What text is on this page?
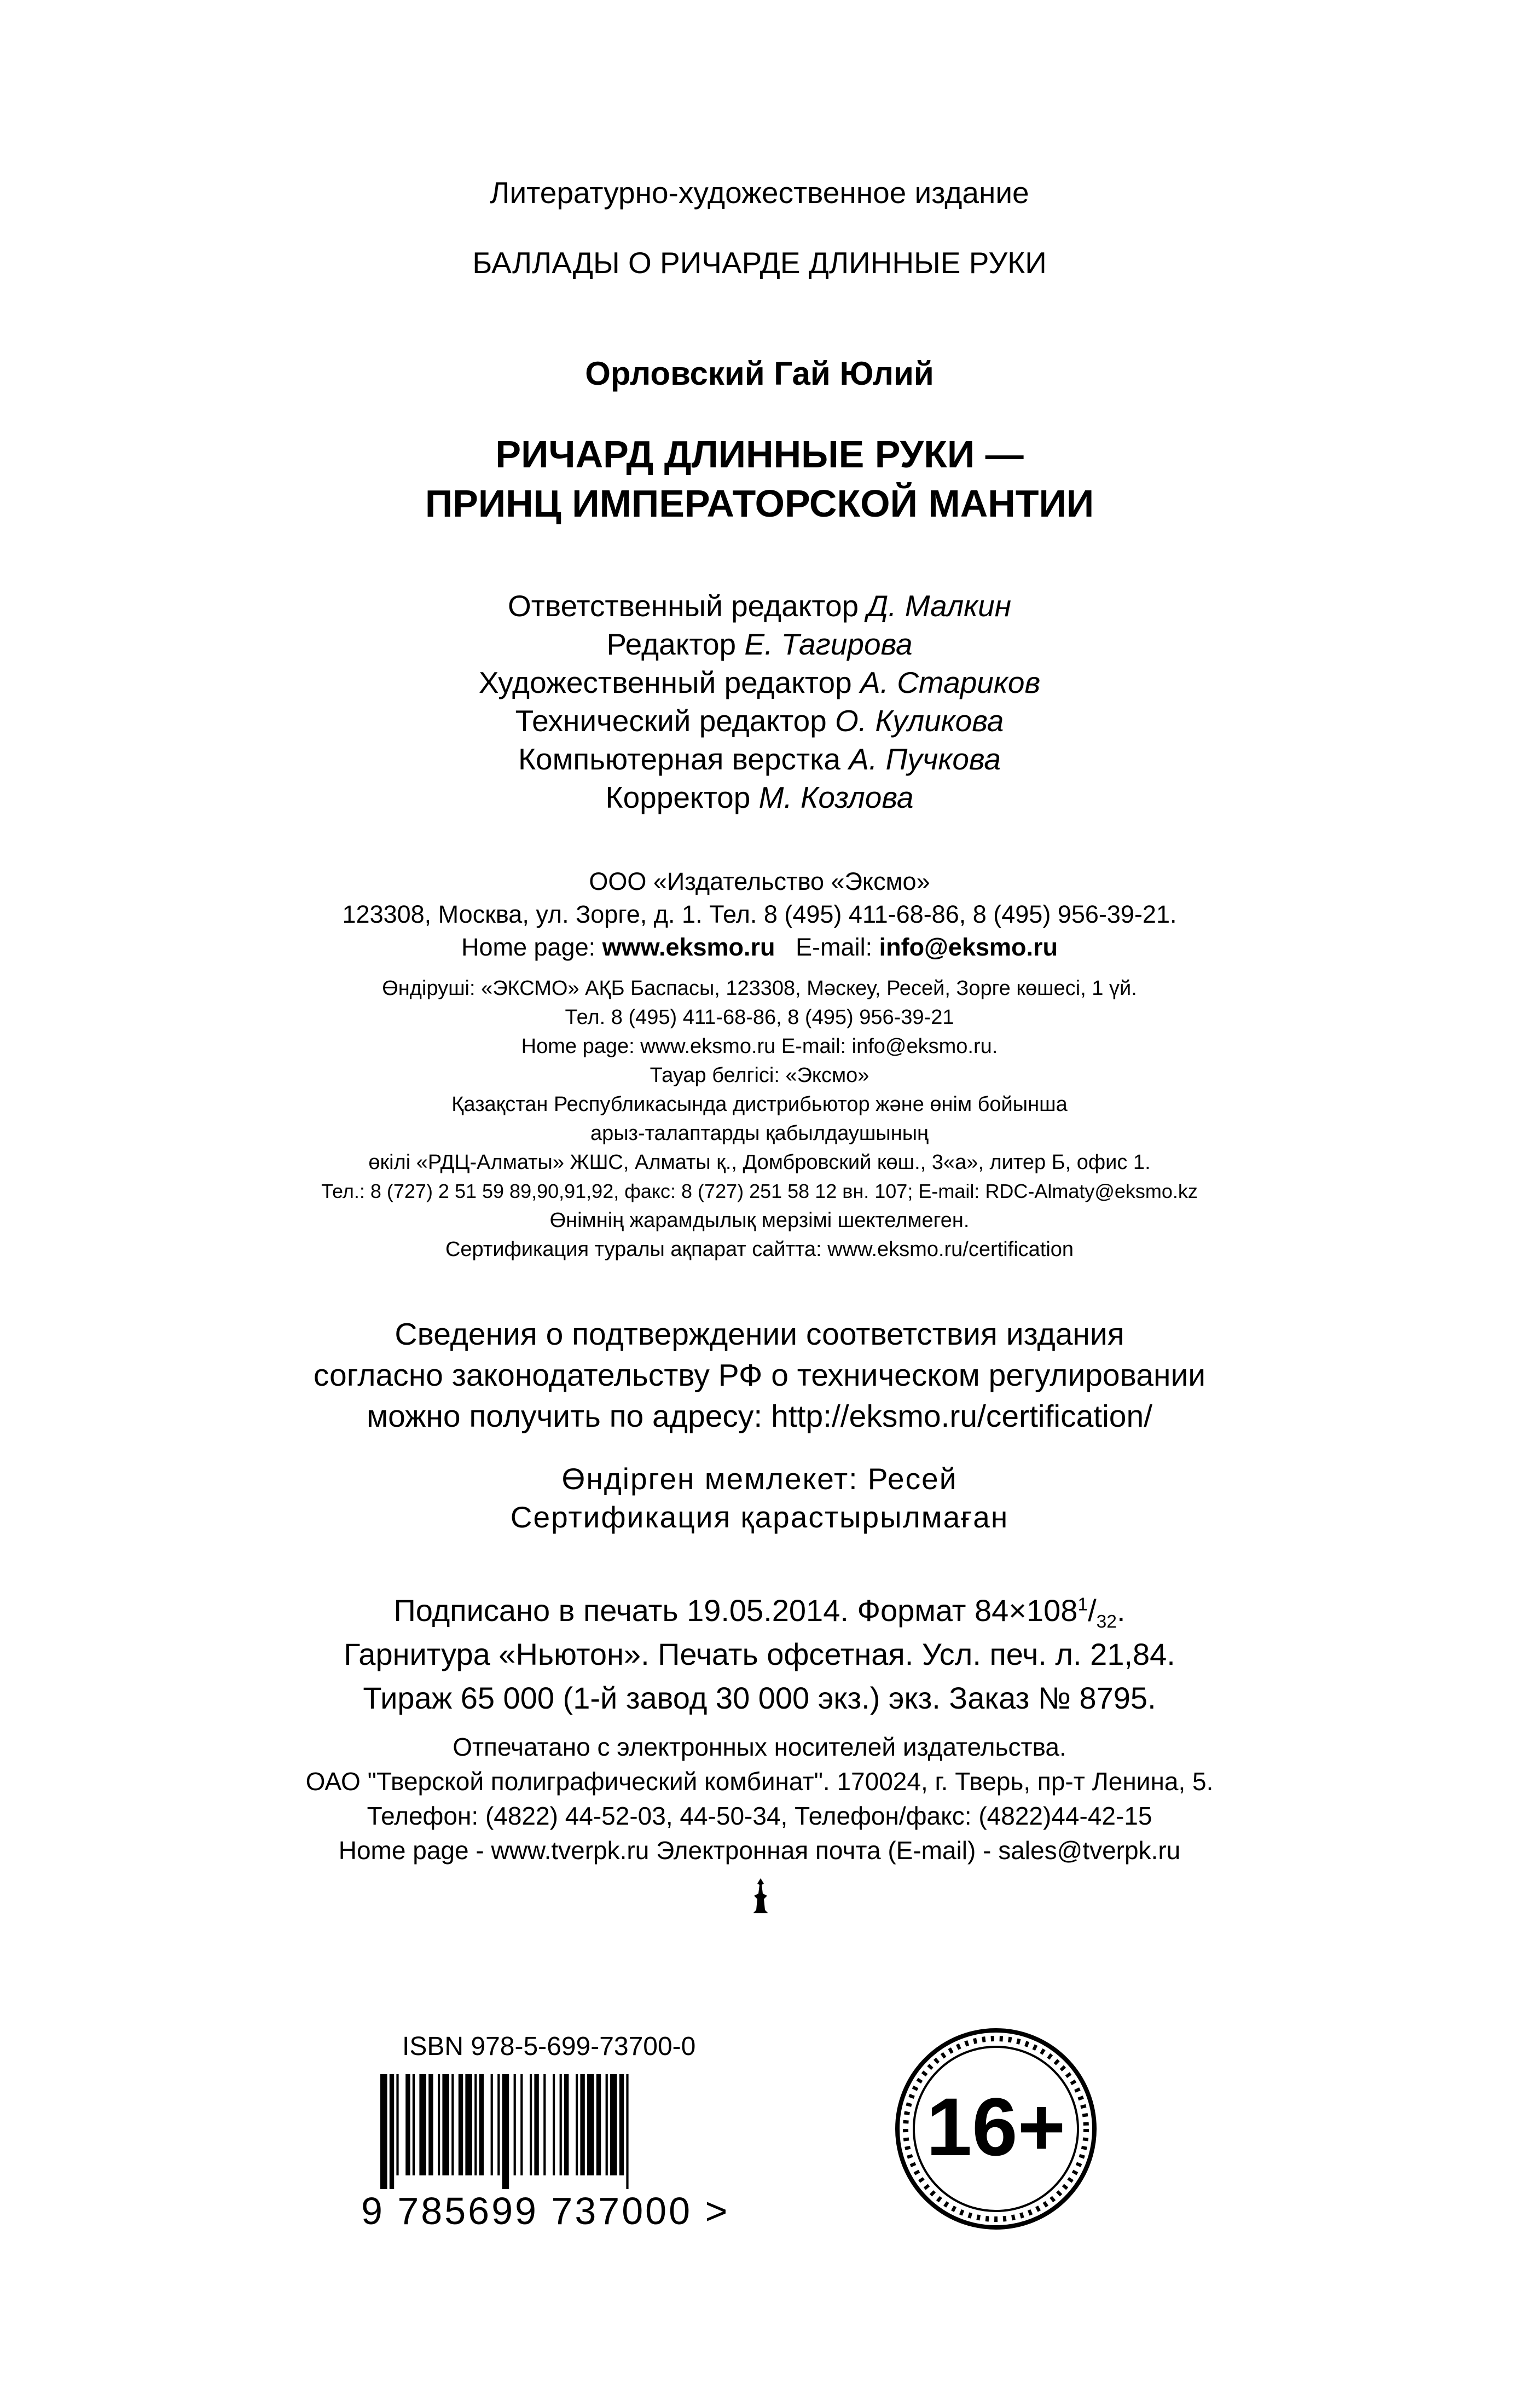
Литературно-художественное издание
БАЛЛАДЫ О РИЧАРДЕ ДЛИННЫЕ РУКИ
Орловский Гай Юлий
РИЧАРД ДЛИННЫЕ РУКИ —
ПРИНЦ ИМПЕРАТОРСКОЙ МАНТИИ
Ответственный редактор Д. Малкин
Редактор Е. Тагирова
Художественный редактор А. Стариков
Технический редактор О. Куликова
Компьютерная верстка А. Пучкова
Корректор М. Козлова
ООО «Издательство «Эксмо»
123308, Москва, ул. Зорге, д. 1. Тел. 8 (495) 411-68-86, 8 (495) 956-39-21.
Home page: www.eksmo.ru   E-mail: info@eksmo.ru
Өндіруші: «ЭКСМО» АҚБ Баспасы, 123308, Мәскеу, Ресей, Зорге көшесі, 1 үй.
Тел. 8 (495) 411-68-86, 8 (495) 956-39-21
Home page: www.eksmo.ru E-mail: info@eksmo.ru.
Тауар белгісі: «Эксмо»
Қазақстан Республикасында дистрибьютор және өнім бойынша
арыз-талаптарды қабылдаушының
өкілі «РДЦ-Алматы» ЖШС, Алматы қ., Домбровский көш., 3«а», литер Б, офис 1.
Тел.: 8 (727) 2 51 59 89,90,91,92, факс: 8 (727) 251 58 12 вн. 107; E-mail: RDC-Almaty@eksmo.kz
Өнімнің жарамдылық мерзімі шектелмеген.
Сертификация туралы ақпарат сайтта: www.eksmo.ru/certification
Сведения о подтверждении соответствия издания
согласно законодательству РФ о техническом регулировании
можно получить по адресу: http://eksmo.ru/certification/
Өндірген мемлекет: Ресей
Сертификация қарастырылмаған
Подписано в печать 19.05.2014. Формат $84\times 108^1/_{32}$.
Гарнитура «Ньютон». Печать офсетная. Усл. печ. л. 21,84.
Тираж 65 000 (1-й завод 30 000 экз.) экз. Заказ № 8795.
Отпечатано с электронных носителей издательства.
ОАО "Тверской полиграфический комбинат". 170024, г. Тверь, пр-т Ленина, 5.
Телефон: (4822) 44-52-03, 44-50-34, Телефон/факс: (4822)44-42-15
Home page - www.tverpk.ru Электронная почта (E-mail) - sales@tverpk.ru
ISBN 978-5-699-73700-0
9 785699 737000 >
16+
